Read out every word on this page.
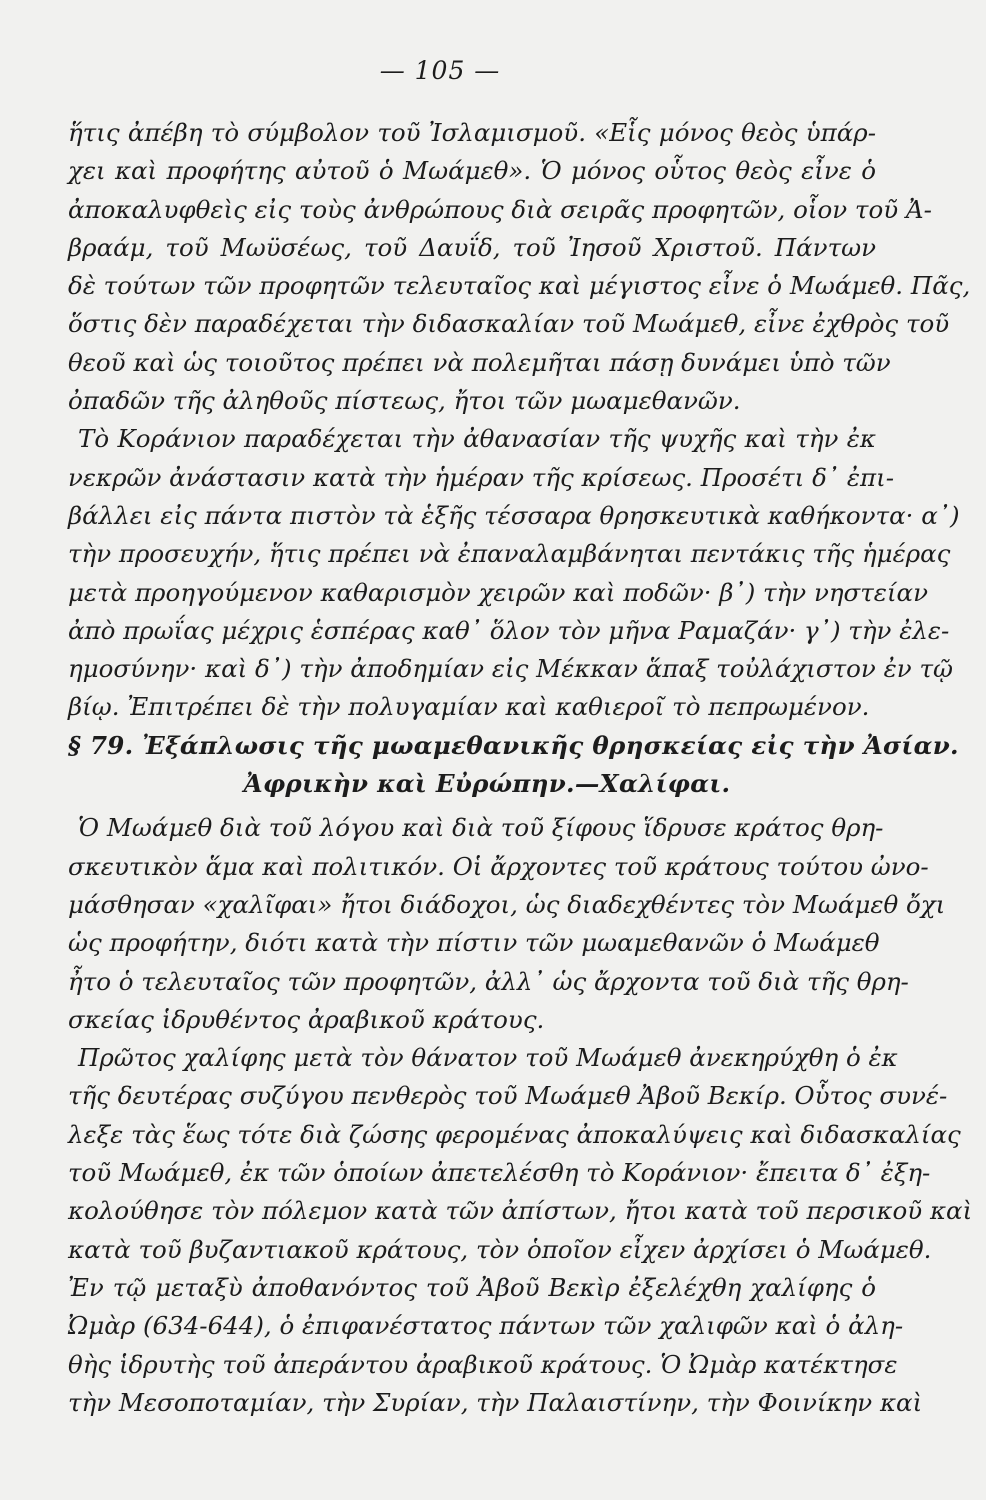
— 105 —
ἥτις ἀπέβη τὸ σύμβολον τοῦ Ἰσλαμισμοῦ. «Εἷς μόνος θεὸς ὑπάρ-
χει καὶ προφήτης αὐτοῦ ὁ Μωάμεθ». Ὁ μόνος οὗτος θεὸς εἶνε ὁ
ἀποκαλυφθεὶς εἰς τοὺς ἀνθρώπους διὰ σειρᾶς προφητῶν, οἷον τοῦ Ἀ-
βραάμ, τοῦ Μωϋσέως, τοῦ Δαυΐδ, τοῦ Ἰησοῦ Χριστοῦ. Πάντων
δὲ τούτων τῶν προφητῶν τελευταῖος καὶ μέγιστος εἶνε ὁ Μωάμεθ. Πᾶς,
ὅστις δὲν παραδέχεται τὴν διδασκαλίαν τοῦ Μωάμεθ, εἶνε ἐχθρὸς τοῦ
θεοῦ καὶ ὡς τοιοῦτος πρέπει νὰ πολεμῆται πάσῃ δυνάμει ὑπὸ τῶν
ὀπαδῶν τῆς ἀληθοῦς πίστεως, ἤτοι τῶν μωαμεθανῶν.
Τὸ Κοράνιον παραδέχεται τὴν ἀθανασίαν τῆς ψυχῆς καὶ τὴν ἐκ
νεκρῶν ἀνάστασιν κατὰ τὴν ἡμέραν τῆς κρίσεως. Προσέτι δ᾽ ἐπι-
βάλλει εἰς πάντα πιστὸν τὰ ἑξῆς τέσσαρα θρησκευτικὰ καθήκοντα· α᾽)
τὴν προσευχήν, ἥτις πρέπει νὰ ἐπαναλαμβάνηται πεντάκις τῆς ἡμέρας
μετὰ προηγούμενον καθαρισμὸν χειρῶν καὶ ποδῶν· β᾽) τὴν νηστείαν
ἀπὸ πρωΐας μέχρις ἑσπέρας καθ᾽ ὅλον τὸν μῆνα Ραμαζάν· γ᾽) τὴν ἐλε-
ημοσύνην· καὶ δ᾽) τὴν ἀποδημίαν εἰς Μέκκαν ἅπαξ τοὐλάχιστον ἐν τῷ
βίῳ. Ἐπιτρέπει δὲ τὴν πολυγαμίαν καὶ καθιεροῖ τὸ πεπρωμένον.
§ 79. Ἐξάπλωσις τῆς μωαμεθανικῆς θρησκείας εἰς τὴν Ἀσίαν.
Ἀφρικὴν καὶ Εὐρώπην.—Χαλίφαι.
Ὁ Μωάμεθ διὰ τοῦ λόγου καὶ διὰ τοῦ ξίφους ἵδρυσε κράτος θρη-
σκευτικὸν ἅμα καὶ πολιτικόν. Οἱ ἄρχοντες τοῦ κράτους τούτου ὠνο-
μάσθησαν «χαλῖφαι» ἤτοι διάδοχοι, ὡς διαδεχθέντες τὸν Μωάμεθ ὄχι
ὡς προφήτην, διότι κατὰ τὴν πίστιν τῶν μωαμεθανῶν ὁ Μωάμεθ
ἦτο ὁ τελευταῖος τῶν προφητῶν, ἀλλ᾽ ὡς ἄρχοντα τοῦ διὰ τῆς θρη-
σκείας ἱδρυθέντος ἀραβικοῦ κράτους.
Πρῶτος χαλίφης μετὰ τὸν θάνατον τοῦ Μωάμεθ ἀνεκηρύχθη ὁ ἐκ
τῆς δευτέρας συζύγου πενθερὸς τοῦ Μωάμεθ Ἀβοῦ Βεκίρ. Οὗτος συνέ-
λεξε τὰς ἕως τότε διὰ ζώσης φερομένας ἀποκαλύψεις καὶ διδασκαλίας
τοῦ Μωάμεθ, ἐκ τῶν ὁποίων ἀπετελέσθη τὸ Κοράνιον· ἔπειτα δ᾽ ἐξη-
κολούθησε τὸν πόλεμον κατὰ τῶν ἀπίστων, ἤτοι κατὰ τοῦ περσικοῦ καὶ
κατὰ τοῦ βυζαντιακοῦ κράτους, τὸν ὁποῖον εἶχεν ἀρχίσει ὁ Μωάμεθ.
Ἐν τῷ μεταξὺ ἀποθανόντος τοῦ Ἀβοῦ Βεκὶρ ἐξελέχθη χαλίφης ὁ
Ὠμὰρ (634-644), ὁ ἐπιφανέστατος πάντων τῶν χαλιφῶν καὶ ὁ ἀλη-
θὴς ἱδρυτὴς τοῦ ἀπεράντου ἀραβικοῦ κράτους. Ὁ Ὠμὰρ κατέκτησε
τὴν Μεσοποταμίαν, τὴν Συρίαν, τὴν Παλαιστίνην, τὴν Φοινίκην καὶ
